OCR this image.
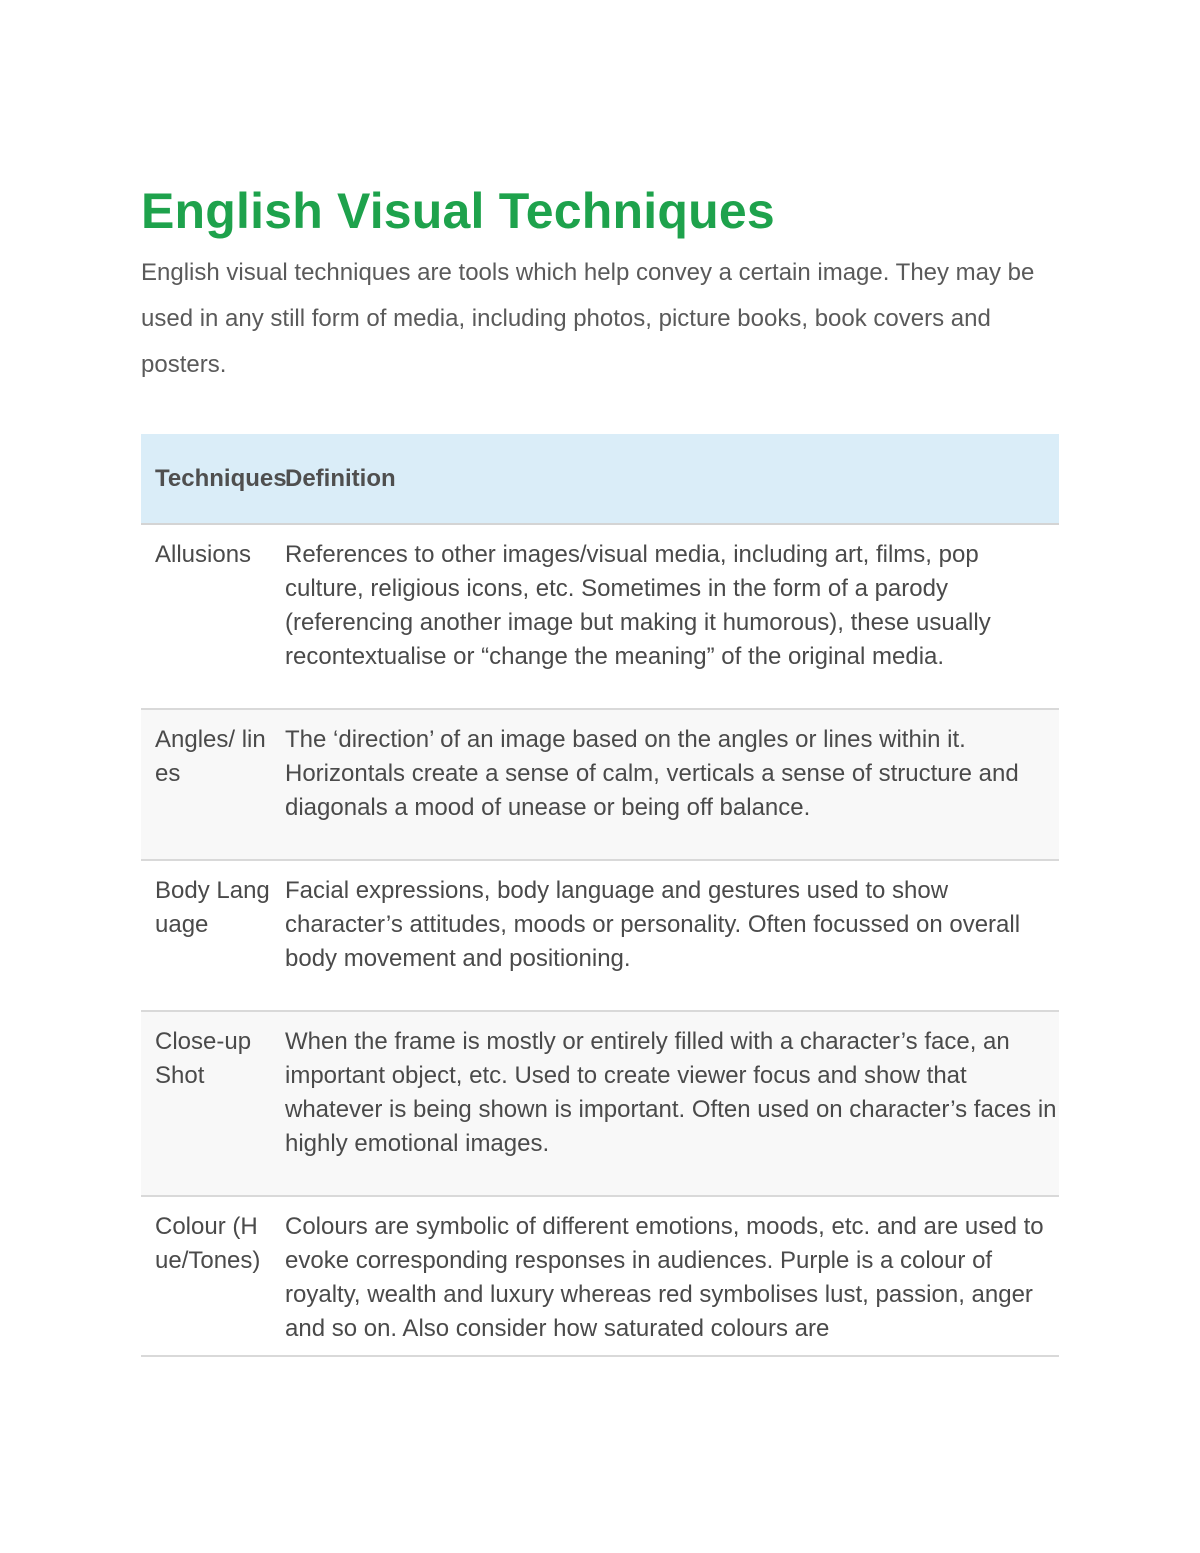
English Visual Techniques

English visual techniques are tools which help convey a certain image. They may be used in any still form of media, including photos, picture books, book covers and posters.

Techniques	Definition
Allusions	References to other images/visual media, including art, films, pop culture, religious icons, etc. Sometimes in the form of a parody (referencing another image but making it humorous), these usually recontextualise or “change the meaning” of the original media.
Angles/ lines	The ‘direction’ of an image based on the angles or lines within it. Horizontals create a sense of calm, verticals a sense of structure and diagonals a mood of unease or being off balance.
Body Language	Facial expressions, body language and gestures used to show character’s attitudes, moods or personality. Often focussed on overall body movement and positioning.
Close-up Shot	When the frame is mostly or entirely filled with a character’s face, an important object, etc. Used to create viewer focus and show that whatever is being shown is important. Often used on character’s faces in highly emotional images.
Colour (Hue/Tones)	Colours are symbolic of different emotions, moods, etc. and are used to evoke corresponding responses in audiences. Purple is a colour of royalty, wealth and luxury whereas red symbolises lust, passion, anger and so on. Also consider how saturated colours are
